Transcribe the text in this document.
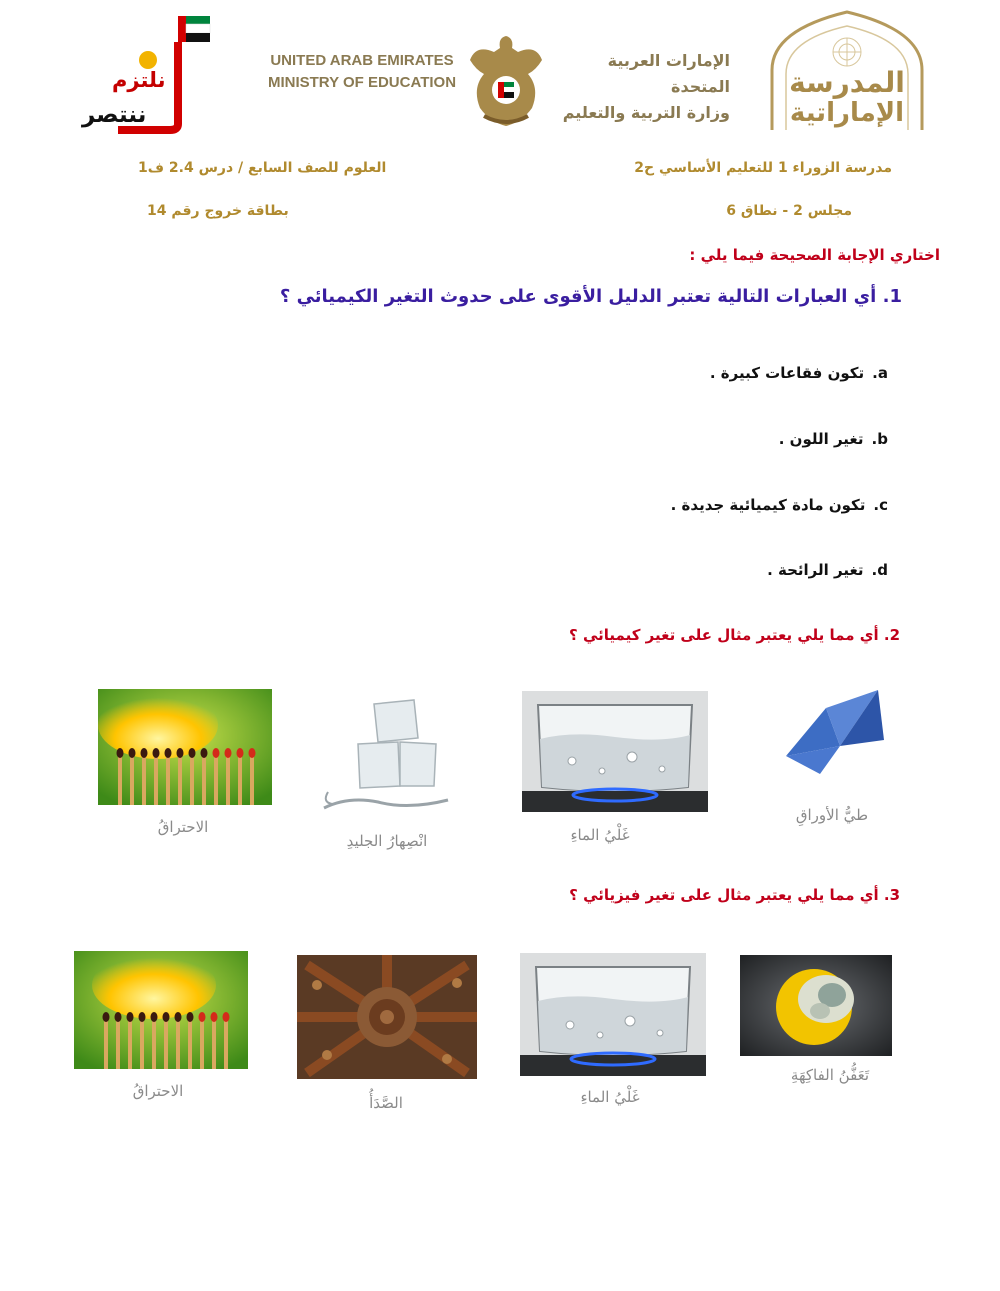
نلتزم
ننتصر
UNITED ARAB EMIRATES
MINISTRY OF EDUCATION
الإمارات العربية المتحدة
وزارة التربية والتعليم
المدرسة
الإماراتية
العلوم للصف السابع / درس 2.4 ف1	مدرسة الزوراء 1 للتعليم الأساسي ح2
بطاقة خروج رقم 14	مجلس 2 - نطاق 6
اختاري الإجابة الصحيحة فيما يلي :
1. أي العبارات التالية تعتبر الدليل الأقوى على حدوث التغير الكيميائي ؟
a.تكون فقاعات كبيرة .
b.تغير اللون .
c.تكون مادة كيميائية جديدة .
d.تغير الرائحة .
2. أي مما يلي يعتبر مثال على تغير كيميائي ؟
الاحتراقُ
انْصِهارُ الجليدِ	غَلْيُ الماءِ
طيُّ الأوراقِ
3. أي مما يلي يعتبر مثال على تغير فيزيائي ؟
الاحتراقُ
الصَّدَأُ	غَلْيُ الماءِ
تَعَفُّنُ الفاكِهَةِ
